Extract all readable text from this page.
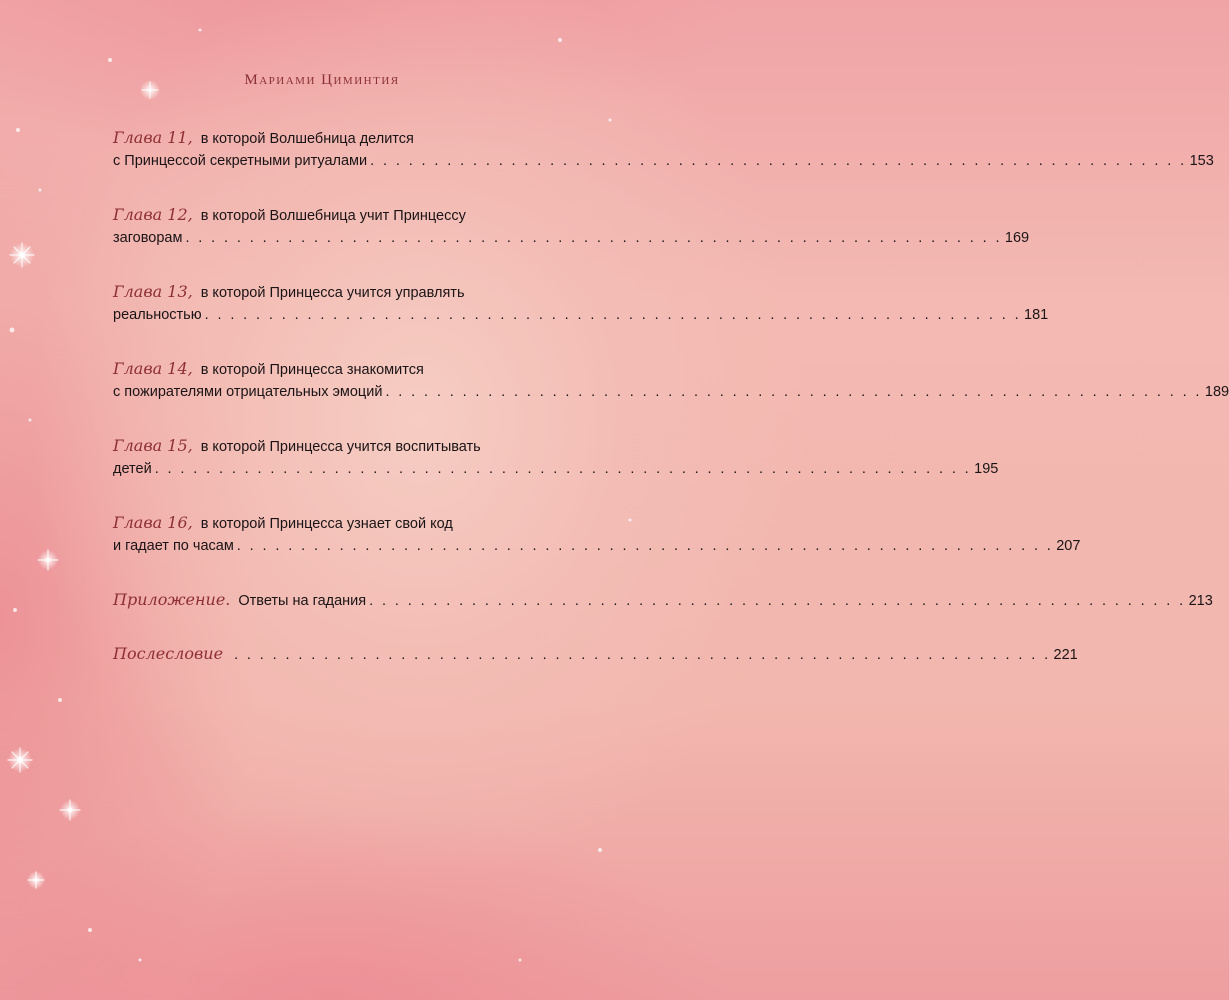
Мариами Циминтия
Глава 11, в которой Волшебница делится
с Принцессой секретными ритуалами . . . . . . . . . . . . . . . . . . . . . . . . . . . . . . . . . . . . . . . . . . . . . . . . . . . . . . . . . . . . . . . . 153
Глава 12, в которой Волшебница учит Принцессу
заговорам . . . . . . . . . . . . . . . . . . . . . . . . . . . . . . . . . . . . . . . . . . . . . . . . . . . . . . . . . . . . . . . . 169
Глава 13, в которой Принцесса учится управлять
реальностью . . . . . . . . . . . . . . . . . . . . . . . . . . . . . . . . . . . . . . . . . . . . . . . . . . . . . . . . . . . . . . . . 181
Глава 14, в которой Принцесса знакомится
с пожирателями отрицательных эмоций . . . . . . . . . . . . . . . . . . . . . . . . . . . . . . . . . . . . . . . . . . . . . . . . . . . . . . . . . . . . . . . . 189
Глава 15, в которой Принцесса учится воспитывать
детей . . . . . . . . . . . . . . . . . . . . . . . . . . . . . . . . . . . . . . . . . . . . . . . . . . . . . . . . . . . . . . . . 195
Глава 16, в которой Принцесса узнает свой код
и гадает по часам . . . . . . . . . . . . . . . . . . . . . . . . . . . . . . . . . . . . . . . . . . . . . . . . . . . . . . . . . . . . . . . . 207
Приложение. Ответы на гадания . . . . . . . . . . . . . . . . . . . . . . . . . . . . . . . . . . . . . . . . . . . . . . . . . . . . . . . . . . . . . . . . 213
Послесловие . . . . . . . . . . . . . . . . . . . . . . . . . . . . . . . . . . . . . . . . . . . . . . . . . . . . . . . . . . . . . . . . 221
